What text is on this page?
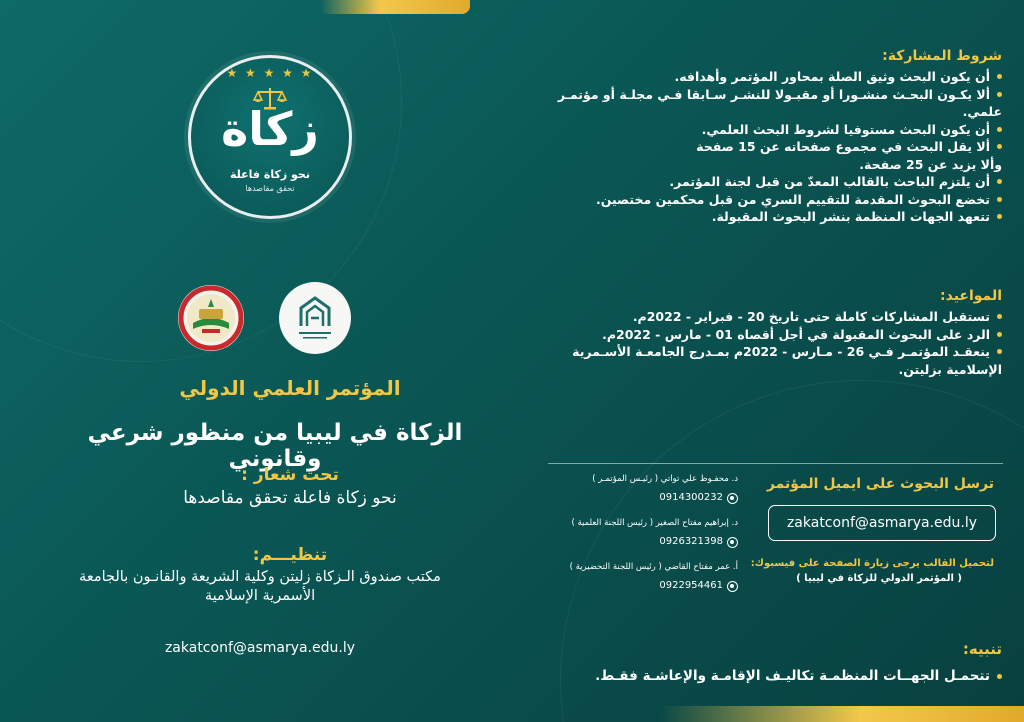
★ ★ ★ ★ ★
زكاة
نحو زكاة فاعلة
تحقق مقاصدها
المؤتمر العلمي الدولي
الزكاة في ليبيا من منظور شرعي وقانوني
تحت شعار :
نحو زكاة فاعلة تحقق مقاصدها
تنظيـــم:
مكتب صندوق الـزكاة زليتن وكلية الشريعة والقانـون بالجامعة
الأسمرية الإسلامية
zakatconf@asmarya.edu.ly
شروط المشاركة:
أن يكون البحث وثيق الصلة بمحاور المؤتمر وأهدافه.
ألا يكـون البحـث منشـورا أو مقبـولا للنشـر سـابقا فـي مجلـة أو مؤتمـر
علمي.
أن يكون البحث مستوفيا لشروط البحث العلمي.
ألا يقل البحث في مجموع صفحاته عن 15 صفحة
وألا يزيد عن 25 صفحة.
أن يلتزم الباحث بالقالب المعدّ من قبل لجنة المؤتمر.
تخضع البحوث المقدمة للتقييم السري من قبل محكمين مختصين.
تتعهد الجهات المنظمة بنشر البحوث المقبولة.
المواعيد:
تستقبل المشاركات كاملة حتى تاريخ 20 - فبراير - 2022م.
الرد على البحوث المقبولة في أجل أقصاه 01 - مارس - 2022م.
ينعقـد المؤتمـر فـي 26 - مـارس - 2022م بمـدرج الجامعـة الأسـمرية
الإسلامية بزليتن.
د. محفـوظ علي تواتي ( رئيـس المؤتمـر )
0914300232
د. إبراهيم مفتاح الصغير ( رئيس اللجنة العلمية )
0926321398
أ. عمر مفتاح القاضي ( رئيس اللجنة التحضيرية )
0922954461
ترسل البحوث على ايميل المؤتمر
zakatconf@asmarya.edu.ly
لتحميل القالب يرجى زيارة الصفحة على فيسبوك:
( المؤتمر الدولي للزكاة في ليبيا )
تنبيه:
تتحمـل الجهــات المنظمـة تكاليـف الإقامـة والإعاشـة فقـط.
